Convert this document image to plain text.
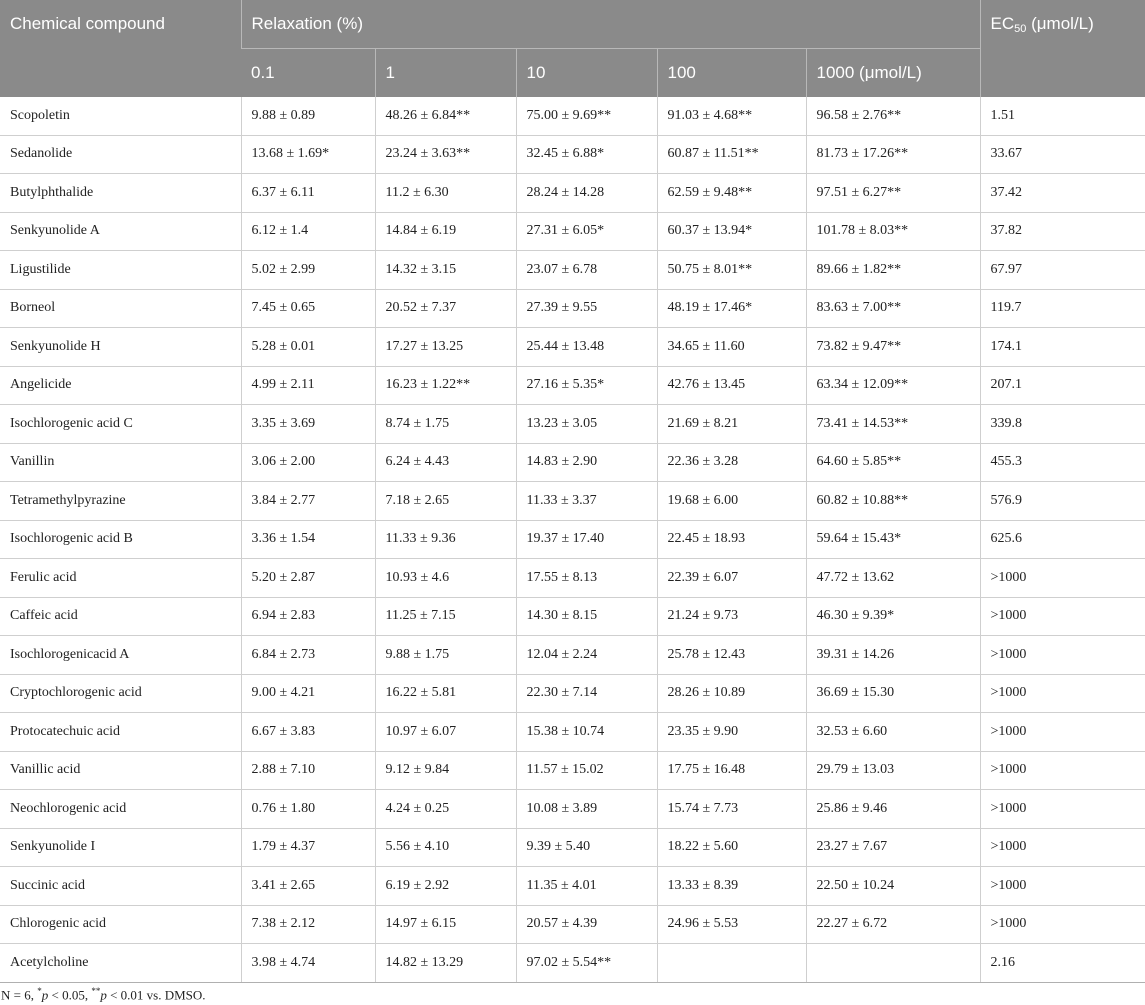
Chemical compound	Relaxation (%)					$EC_{50}$ (μmol/L)
	0.1	1	10	100	1000 (μmol/L)	
Scopoletin	9.88 ± 0.89	48.26 ± 6.84**	75.00 ± 9.69**	91.03 ± 4.68**	96.58 ± 2.76**	1.51
Sedanolide	13.68 ± 1.69*	23.24 ± 3.63**	32.45 ± 6.88*	60.87 ± 11.51**	81.73 ± 17.26**	33.67
Butylphthalide	6.37 ± 6.11	11.2 ± 6.30	28.24 ± 14.28	62.59 ± 9.48**	97.51 ± 6.27**	37.42
Senkyunolide A	6.12 ± 1.4	14.84 ± 6.19	27.31 ± 6.05*	60.37 ± 13.94*	101.78 ± 8.03**	37.82
Ligustilide	5.02 ± 2.99	14.32 ± 3.15	23.07 ± 6.78	50.75 ± 8.01**	89.66 ± 1.82**	67.97
Borneol	7.45 ± 0.65	20.52 ± 7.37	27.39 ± 9.55	48.19 ± 17.46*	83.63 ± 7.00**	119.7
Senkyunolide H	5.28 ± 0.01	17.27 ± 13.25	25.44 ± 13.48	34.65 ± 11.60	73.82 ± 9.47**	174.1
Angelicide	4.99 ± 2.11	16.23 ± 1.22**	27.16 ± 5.35*	42.76 ± 13.45	63.34 ± 12.09**	207.1
Isochlorogenic acid C	3.35 ± 3.69	8.74 ± 1.75	13.23 ± 3.05	21.69 ± 8.21	73.41 ± 14.53**	339.8
Vanillin	3.06 ± 2.00	6.24 ± 4.43	14.83 ± 2.90	22.36 ± 3.28	64.60 ± 5.85**	455.3
Tetramethylpyrazine	3.84 ± 2.77	7.18 ± 2.65	11.33 ± 3.37	19.68 ± 6.00	60.82 ± 10.88**	576.9
Isochlorogenic acid B	3.36 ± 1.54	11.33 ± 9.36	19.37 ± 17.40	22.45 ± 18.93	59.64 ± 15.43*	625.6
Ferulic acid	5.20 ± 2.87	10.93 ± 4.6	17.55 ± 8.13	22.39 ± 6.07	47.72 ± 13.62	>1000
Caffeic acid	6.94 ± 2.83	11.25 ± 7.15	14.30 ± 8.15	21.24 ± 9.73	46.30 ± 9.39*	>1000
Isochlorogenicacid A	6.84 ± 2.73	9.88 ± 1.75	12.04 ± 2.24	25.78 ± 12.43	39.31 ± 14.26	>1000
Cryptochlorogenic acid	9.00 ± 4.21	16.22 ± 5.81	22.30 ± 7.14	28.26 ± 10.89	36.69 ± 15.30	>1000
Protocatechuic acid	6.67 ± 3.83	10.97 ± 6.07	15.38 ± 10.74	23.35 ± 9.90	32.53 ± 6.60	>1000
Vanillic acid	2.88 ± 7.10	9.12 ± 9.84	11.57 ± 15.02	17.75 ± 16.48	29.79 ± 13.03	>1000
Neochlorogenic acid	0.76 ± 1.80	4.24 ± 0.25	10.08 ± 3.89	15.74 ± 7.73	25.86 ± 9.46	>1000
Senkyunolide I	1.79 ± 4.37	5.56 ± 4.10	9.39 ± 5.40	18.22 ± 5.60	23.27 ± 7.67	>1000
Succinic acid	3.41 ± 2.65	6.19 ± 2.92	11.35 ± 4.01	13.33 ± 8.39	22.50 ± 10.24	>1000
Chlorogenic acid	7.38 ± 2.12	14.97 ± 6.15	20.57 ± 4.39	24.96 ± 5.53	22.27 ± 6.72	>1000
Acetylcholine	3.98 ± 4.74	14.82 ± 13.29	97.02 ± 5.54**			2.16
N = 6, *p < 0.05, **p < 0.01 vs. DMSO.
